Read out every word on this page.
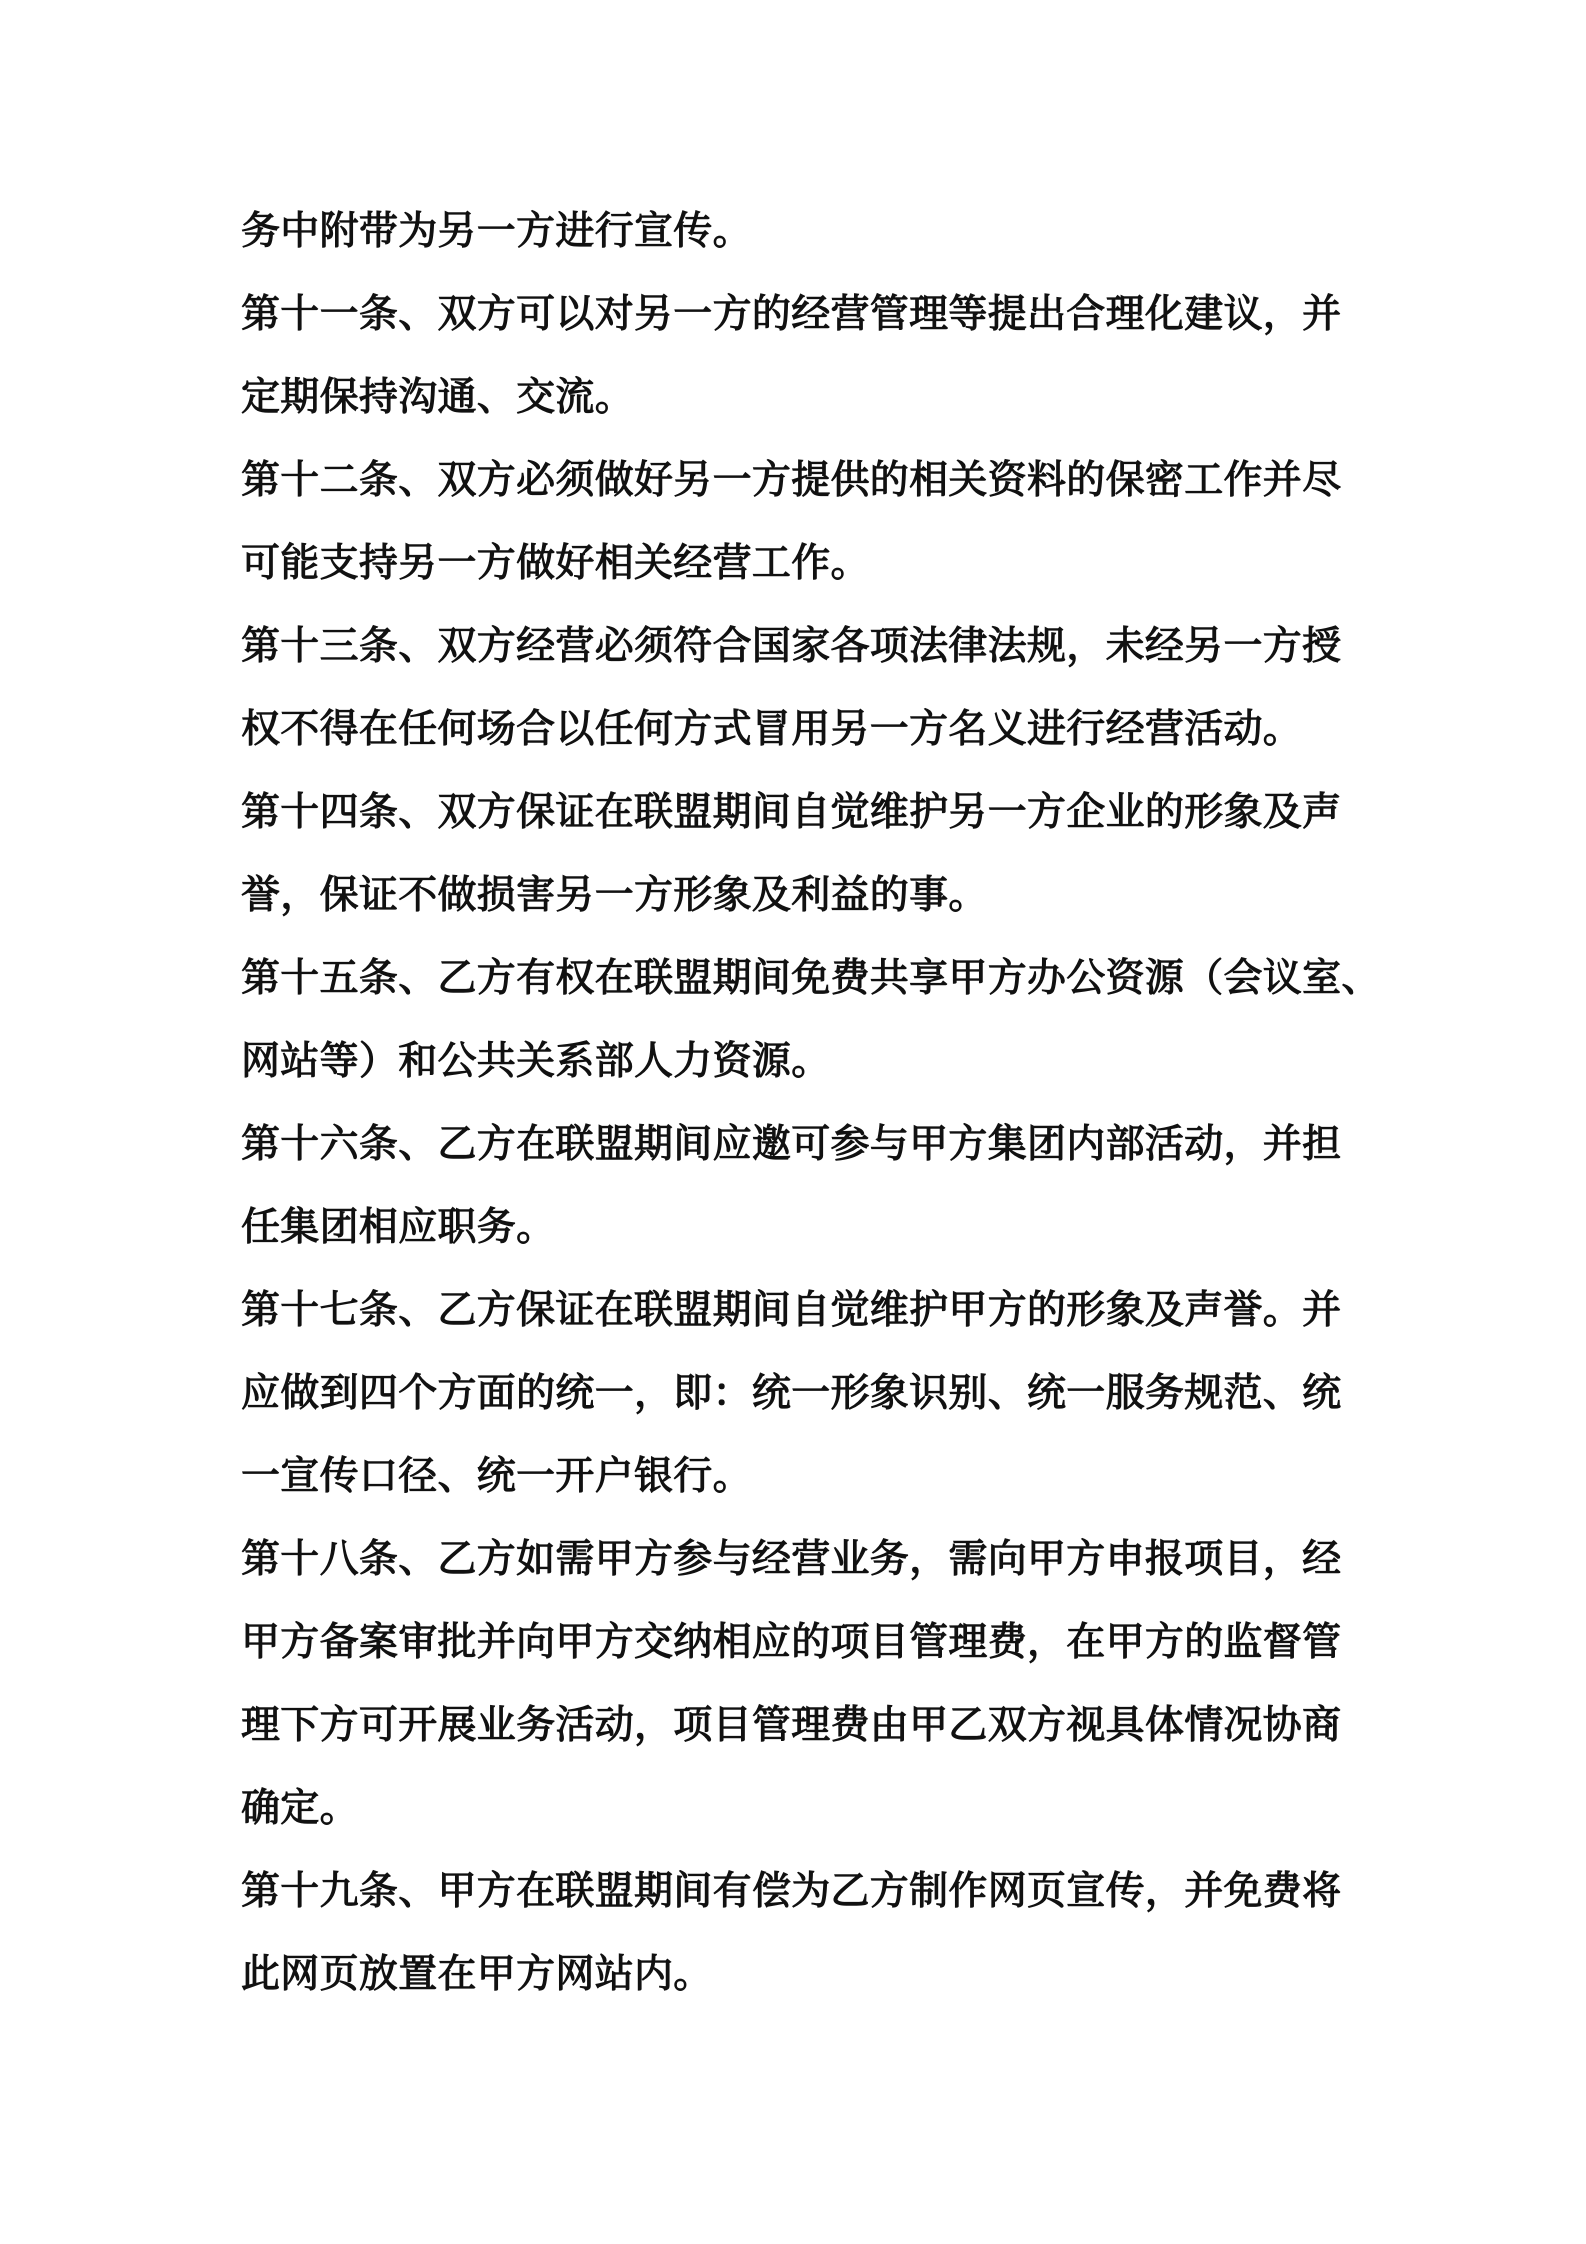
务中附带为另一方进行宣传。
第十一条、双方可以对另一方的经营管理等提出合理化建议，并
定期保持沟通、交流。
第十二条、双方必须做好另一方提供的相关资料的保密工作并尽
可能支持另一方做好相关经营工作。
第十三条、双方经营必须符合国家各项法律法规，未经另一方授
权不得在任何场合以任何方式冒用另一方名义进行经营活动。
第十四条、双方保证在联盟期间自觉维护另一方企业的形象及声
誉，保证不做损害另一方形象及利益的事。
第十五条、乙方有权在联盟期间免费共享甲方办公资源（会议室、
网站等）和公共关系部人力资源。
第十六条、乙方在联盟期间应邀可参与甲方集团内部活动，并担
任集团相应职务。
第十七条、乙方保证在联盟期间自觉维护甲方的形象及声誉。并
应做到四个方面的统一，即：统一形象识别、统一服务规范、统
一宣传口径、统一开户银行。
第十八条、乙方如需甲方参与经营业务，需向甲方申报项目，经
甲方备案审批并向甲方交纳相应的项目管理费，在甲方的监督管
理下方可开展业务活动，项目管理费由甲乙双方视具体情况协商
确定。
第十九条、甲方在联盟期间有偿为乙方制作网页宣传，并免费将
此网页放置在甲方网站内。
